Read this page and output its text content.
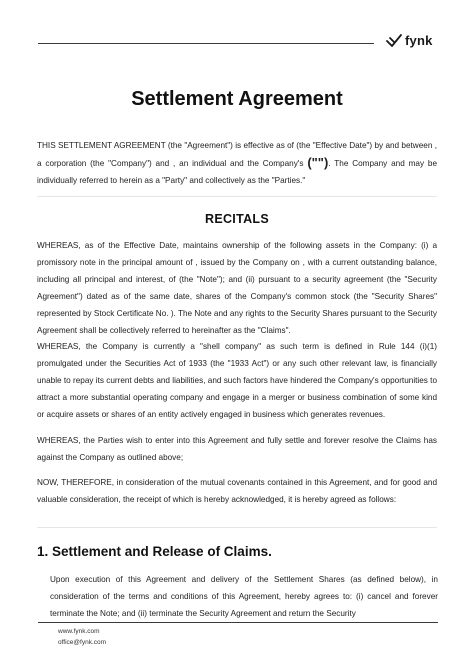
fynk
Settlement Agreement

THIS SETTLEMENT AGREEMENT (the "Agreement") is effective as of (the "Effective Date") by and between , a corporation (the "Company") and , an individual and the Company's (""). The Company and may be individually referred to herein as a "Party" and collectively as the "Parties."

RECITALS

WHEREAS, as of the Effective Date, maintains ownership of the following assets in the Company: (i) a promissory note in the principal amount of , issued by the Company on , with a current outstanding balance, including all principal and interest, of (the "Note"); and (ii) pursuant to a security agreement (the "Security Agreement") dated as of the same date, shares of the Company's common stock (the "Security Shares" represented by Stock Certificate No. ). The Note and any rights to the Security Shares pursuant to the Security Agreement shall be collectively referred to hereinafter as the "Claims".

WHEREAS, the Company is currently a "shell company" as such term is defined in Rule 144 (i)(1) promulgated under the Securities Act of 1933 (the "1933 Act") or any such other relevant law, is financially unable to repay its current debts and liabilities, and such factors have hindered the Company's opportunities to attract a more substantial operating company and engage in a merger or business combination of some kind or acquire assets or shares of an entity actively engaged in business which generates revenues.

WHEREAS, the Parties wish to enter into this Agreement and fully settle and forever resolve the Claims has against the Company as outlined above;

NOW, THEREFORE, in consideration of the mutual covenants contained in this Agreement, and for good and valuable consideration, the receipt of which is hereby acknowledged, it is hereby agreed as follows:

1. Settlement and Release of Claims.

Upon execution of this Agreement and delivery of the Settlement Shares (as defined below), in consideration of the terms and conditions of this Agreement, hereby agrees to: (i) cancel and forever terminate the Note; and (ii) terminate the Security Agreement and return the Security

www.fynk.com
office@fynk.com
